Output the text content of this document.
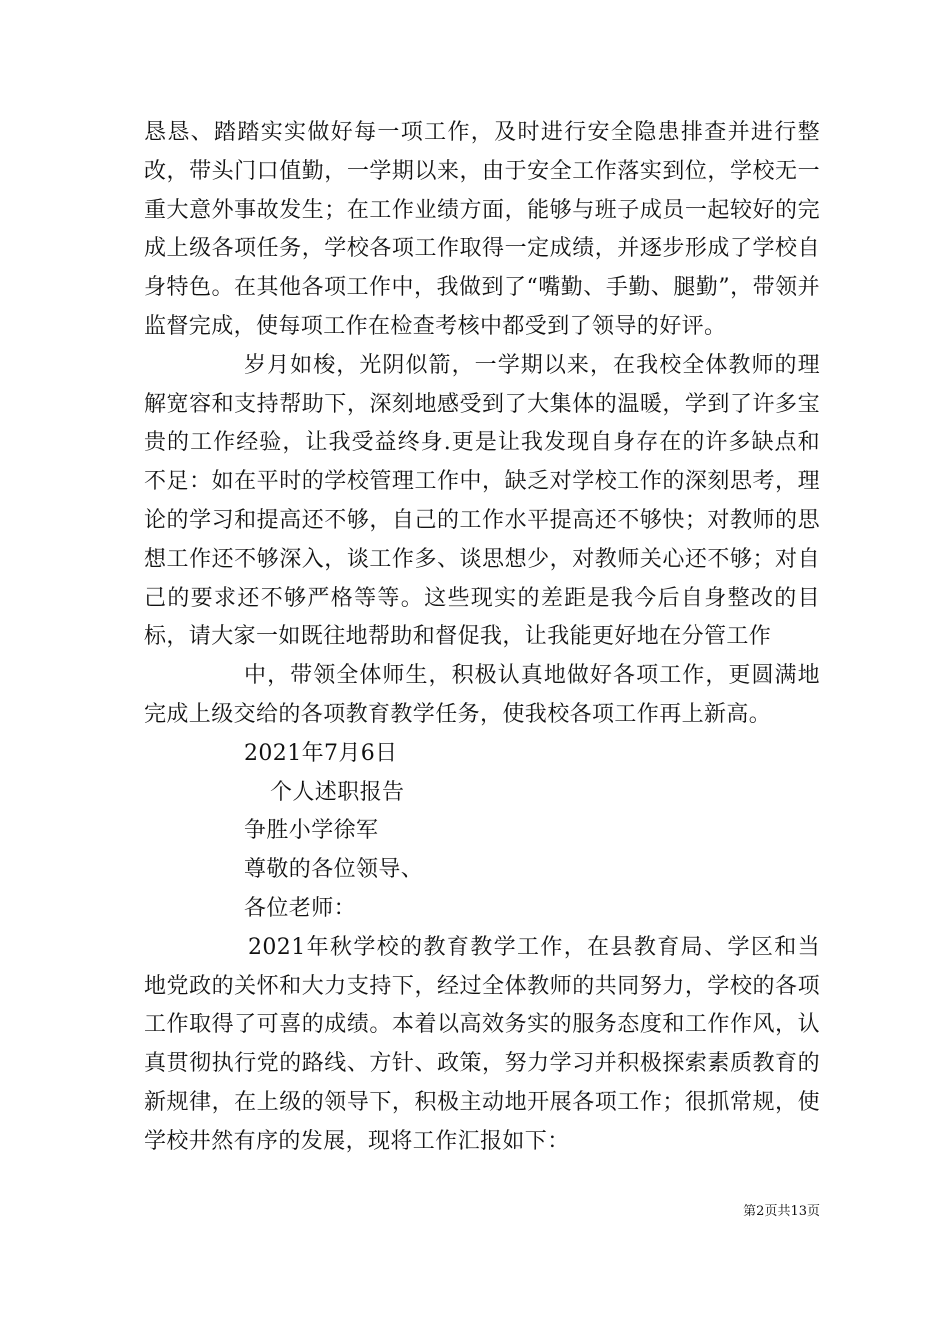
恳恳、踏踏实实做好每一项工作，及时进行安全隐患排查并进行整改，带头门口值勤，一学期以来，由于安全工作落实到位，学校无一重大意外事故发生；在工作业绩方面，能够与班子成员一起较好的完成上级各项任务，学校各项工作取得一定成绩，并逐步形成了学校自身特色。在其他各项工作中，我做到了“嘴勤、手勤、腿勤”，带领并监督完成，使每项工作在检查考核中都受到了领导的好评。

岁月如梭，光阴似箭，一学期以来，在我校全体教师的理解宽容和支持帮助下，深刻地感受到了大集体的温暖，学到了许多宝贵的工作经验，让我受益终身.更是让我发现自身存在的许多缺点和不足：如在平时的学校管理工作中，缺乏对学校工作的深刻思考，理论的学习和提高还不够，自己的工作水平提高还不够快；对教师的思想工作还不够深入，谈工作多、谈思想少，对教师关心还不够；对自己的要求还不够严格等等。这些现实的差距是我今后自身整改的目标，请大家一如既往地帮助和督促我，让我能更好地在分管工作

中，带领全体师生，积极认真地做好各项工作，更圆满地完成上级交给的各项教育教学任务，使我校各项工作再上新高。

2021年7月6日

个人述职报告

争胜小学徐军

尊敬的各位领导、

各位老师：

2021年秋学校的教育教学工作，在县教育局、学区和当地党政的关怀和大力支持下，经过全体教师的共同努力，学校的各项工作取得了可喜的成绩。本着以高效务实的服务态度和工作作风，认真贯彻执行党的路线、方针、政策，努力学习并积极探索素质教育的新规律，在上级的领导下，积极主动地开展各项工作；很抓常规，使学校井然有序的发展，现将工作汇报如下：

第2页共13页
